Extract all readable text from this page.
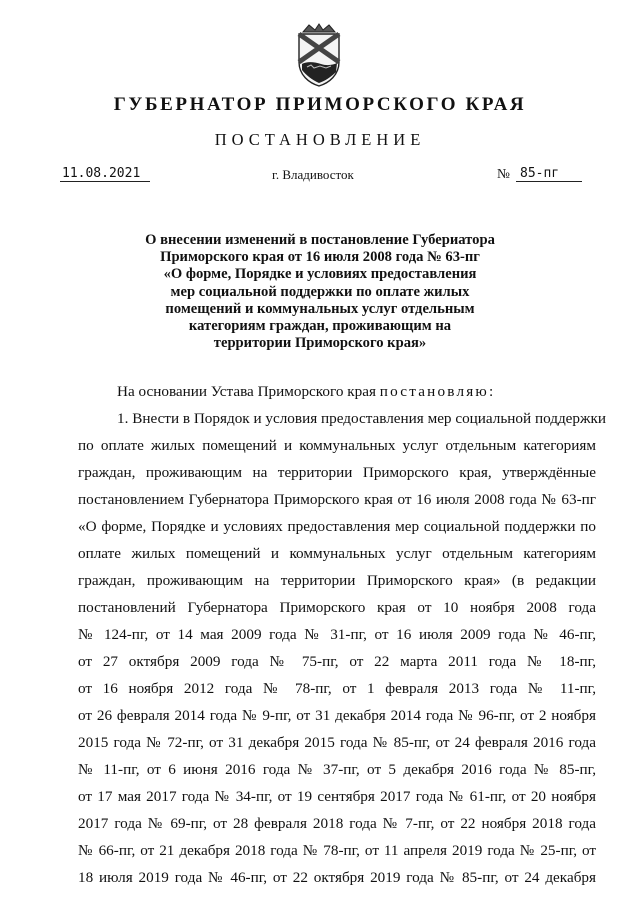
ГУБЕРНАТОР ПРИМОРСКОГО КРАЯ
ПОСТАНОВЛЕНИЕ
11.08.2021	г. Владивосток	№ 85-пг
О внесении изменений в постановление Губериатора
Приморского края от 16 июля 2008 года № 63-пг
«О форме, Порядке и условиях предоставления
мер социальной поддержки по оплате жилых
помещений и коммунальных услуг отдельным
категориям граждан, проживающим на
территории Приморского края»
На основании Устава Приморского края постановляю:
1. Внести в Порядок и условия предоставления мер социальной поддержки
по оплате жилых помещений и коммунальных услуг отдельным категориям
граждан, проживающим на территории Приморского края, утверждённые
постановлением Губернатора Приморского края от 16 июля 2008 года № 63-пг
«О форме, Порядке и условиях предоставления мер социальной поддержки по
оплате жилых помещений и коммунальных услуг отдельным категориям
граждан, проживающим на территории Приморского края» (в редакции
постановлений Губернатора Приморского края от 10 ноября 2008 года
№ 124-пг, от 14 мая 2009 года № 31-пг, от 16 июля 2009 года № 46-пг,
от 27 октября 2009 года № 75-пг, от 22 марта 2011 года № 18-пг,
от 16 ноября 2012 года № 78-пг, от 1 февраля 2013 года № 11-пг,
от 26 февраля 2014 года № 9-пг, от 31 декабря 2014 года № 96-пг, от 2 ноября
2015 года № 72-пг, от 31 декабря 2015 года № 85-пг, от 24 февраля 2016 года
№ 11-пг, от 6 июня 2016 года № 37-пг, от 5 декабря 2016 года № 85-пг,
от 17 мая 2017 года № 34-пг, от 19 сентября 2017 года № 61-пг, от 20 ноября
2017 года № 69-пг, от 28 февраля 2018 года № 7-пг, от 22 ноября 2018 года
№ 66-пг, от 21 декабря 2018 года № 78-пг, от 11 апреля 2019 года № 25-пг, от
18 июля 2019 года № 46-пг, от 22 октября 2019 года № 85-пг, от 24 декабря
